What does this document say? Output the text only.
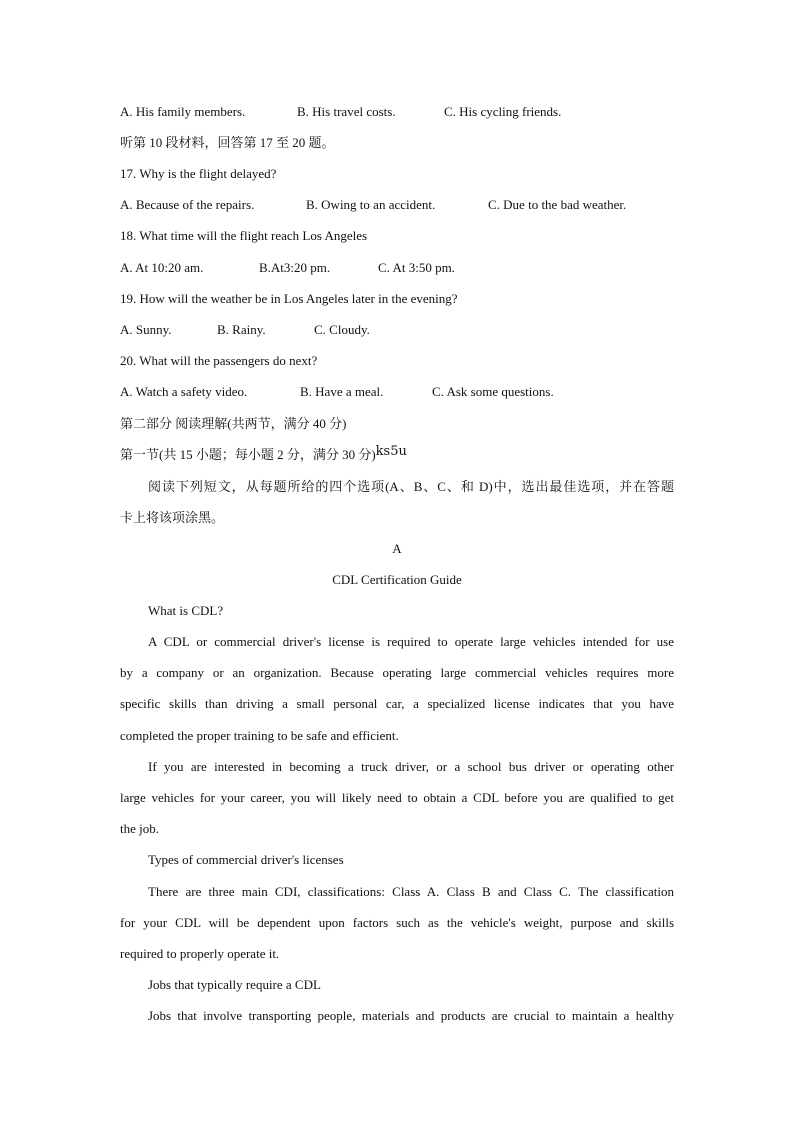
A. His family members.	B. His travel costs.	C. His cycling friends.
听第 10 段材料，回答第 17 至 20 题。
17. Why is the flight delayed?
A. Because of the repairs.	B. Owing to an accident.	C. Due to the bad weather.
18. What time will the flight reach Los Angeles
A. At 10:20 am.	B.At3:20 pm.	C. At 3:50 pm.
19. How will the weather be in Los Angeles later in the evening?
A. Sunny.	B. Rainy.	C. Cloudy.
20. What will the passengers do next?
A. Watch a safety video.	B. Have a meal.	C. Ask some questions.
第二部分 阅读理解(共两节，满分 40 分)
第一节(共 15 小题；每小题 2 分，满分 30 分)ks5u
阅读下列短文，从每题所给的四个选项(A、B、C、和 D)中，选出最佳选项，并在答题
卡上将该项涂黑。
A
CDL Certification Guide
What is CDL?
A CDL or commercial driver's license is required to operate large vehicles intended for use
by a company or an organization. Because operating large commercial vehicles requires more
specific skills than driving a small personal car, a specialized license indicates that you have
completed the proper training to be safe and efficient.
If you are interested in becoming a truck driver, or a school bus driver or operating other
large vehicles for your career, you will likely need to obtain a CDL before you are qualified to get
the job.
Types of commercial driver's licenses
There are three main CDI, classifications: Class A. Class B and Class C. The classification
for your CDL will be dependent upon factors such as the vehicle's weight, purpose and skills
required to properly operate it.
Jobs that typically require a CDL
Jobs that involve transporting people, materials and products are crucial to maintain a healthy
